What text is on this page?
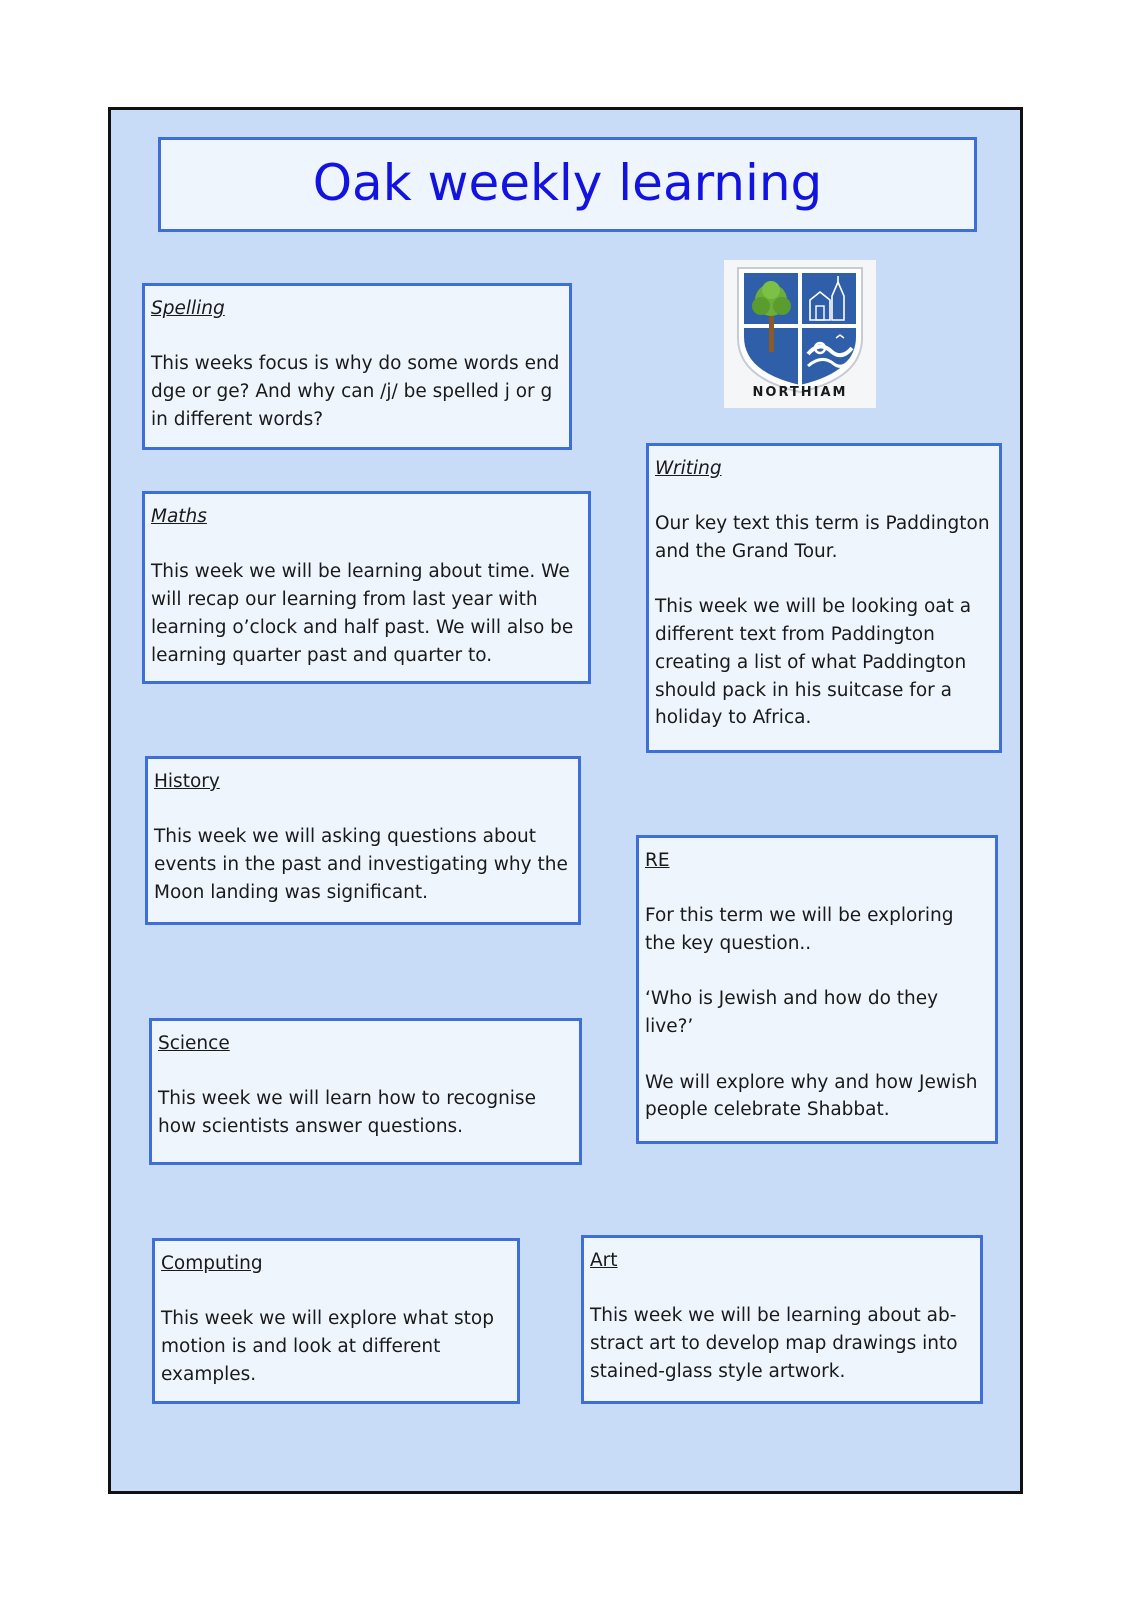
Oak weekly learning
NORTHIAM
Spelling

This weeks focus is why do some words end dge or ge? And why can /j/ be spelled j or g in different words?

Maths

This week we will be learning about time. We will recap our learning from last year with learning o’clock and half past. We will also be learning quarter past and quarter to.

Writing

Our key text this term is Paddington and the Grand Tour.

This week we will be looking oat a different text from Paddington creating a list of what Paddington should pack in his suitcase for a holiday to Africa.

History

This week we will asking questions about events in the past and investigating why the Moon landing was significant.

RE

For this term we will be exploring the key question..

‘Who is Jewish and how do they live?’

We will explore why and how Jewish people celebrate Shabbat.

Science

This week we will learn how to recognise how scientists answer questions.

Computing

This week we will explore what stop motion is and look at different examples.

Art

This week we will be learning about ab-stract art to develop map drawings into stained-glass style artwork.
